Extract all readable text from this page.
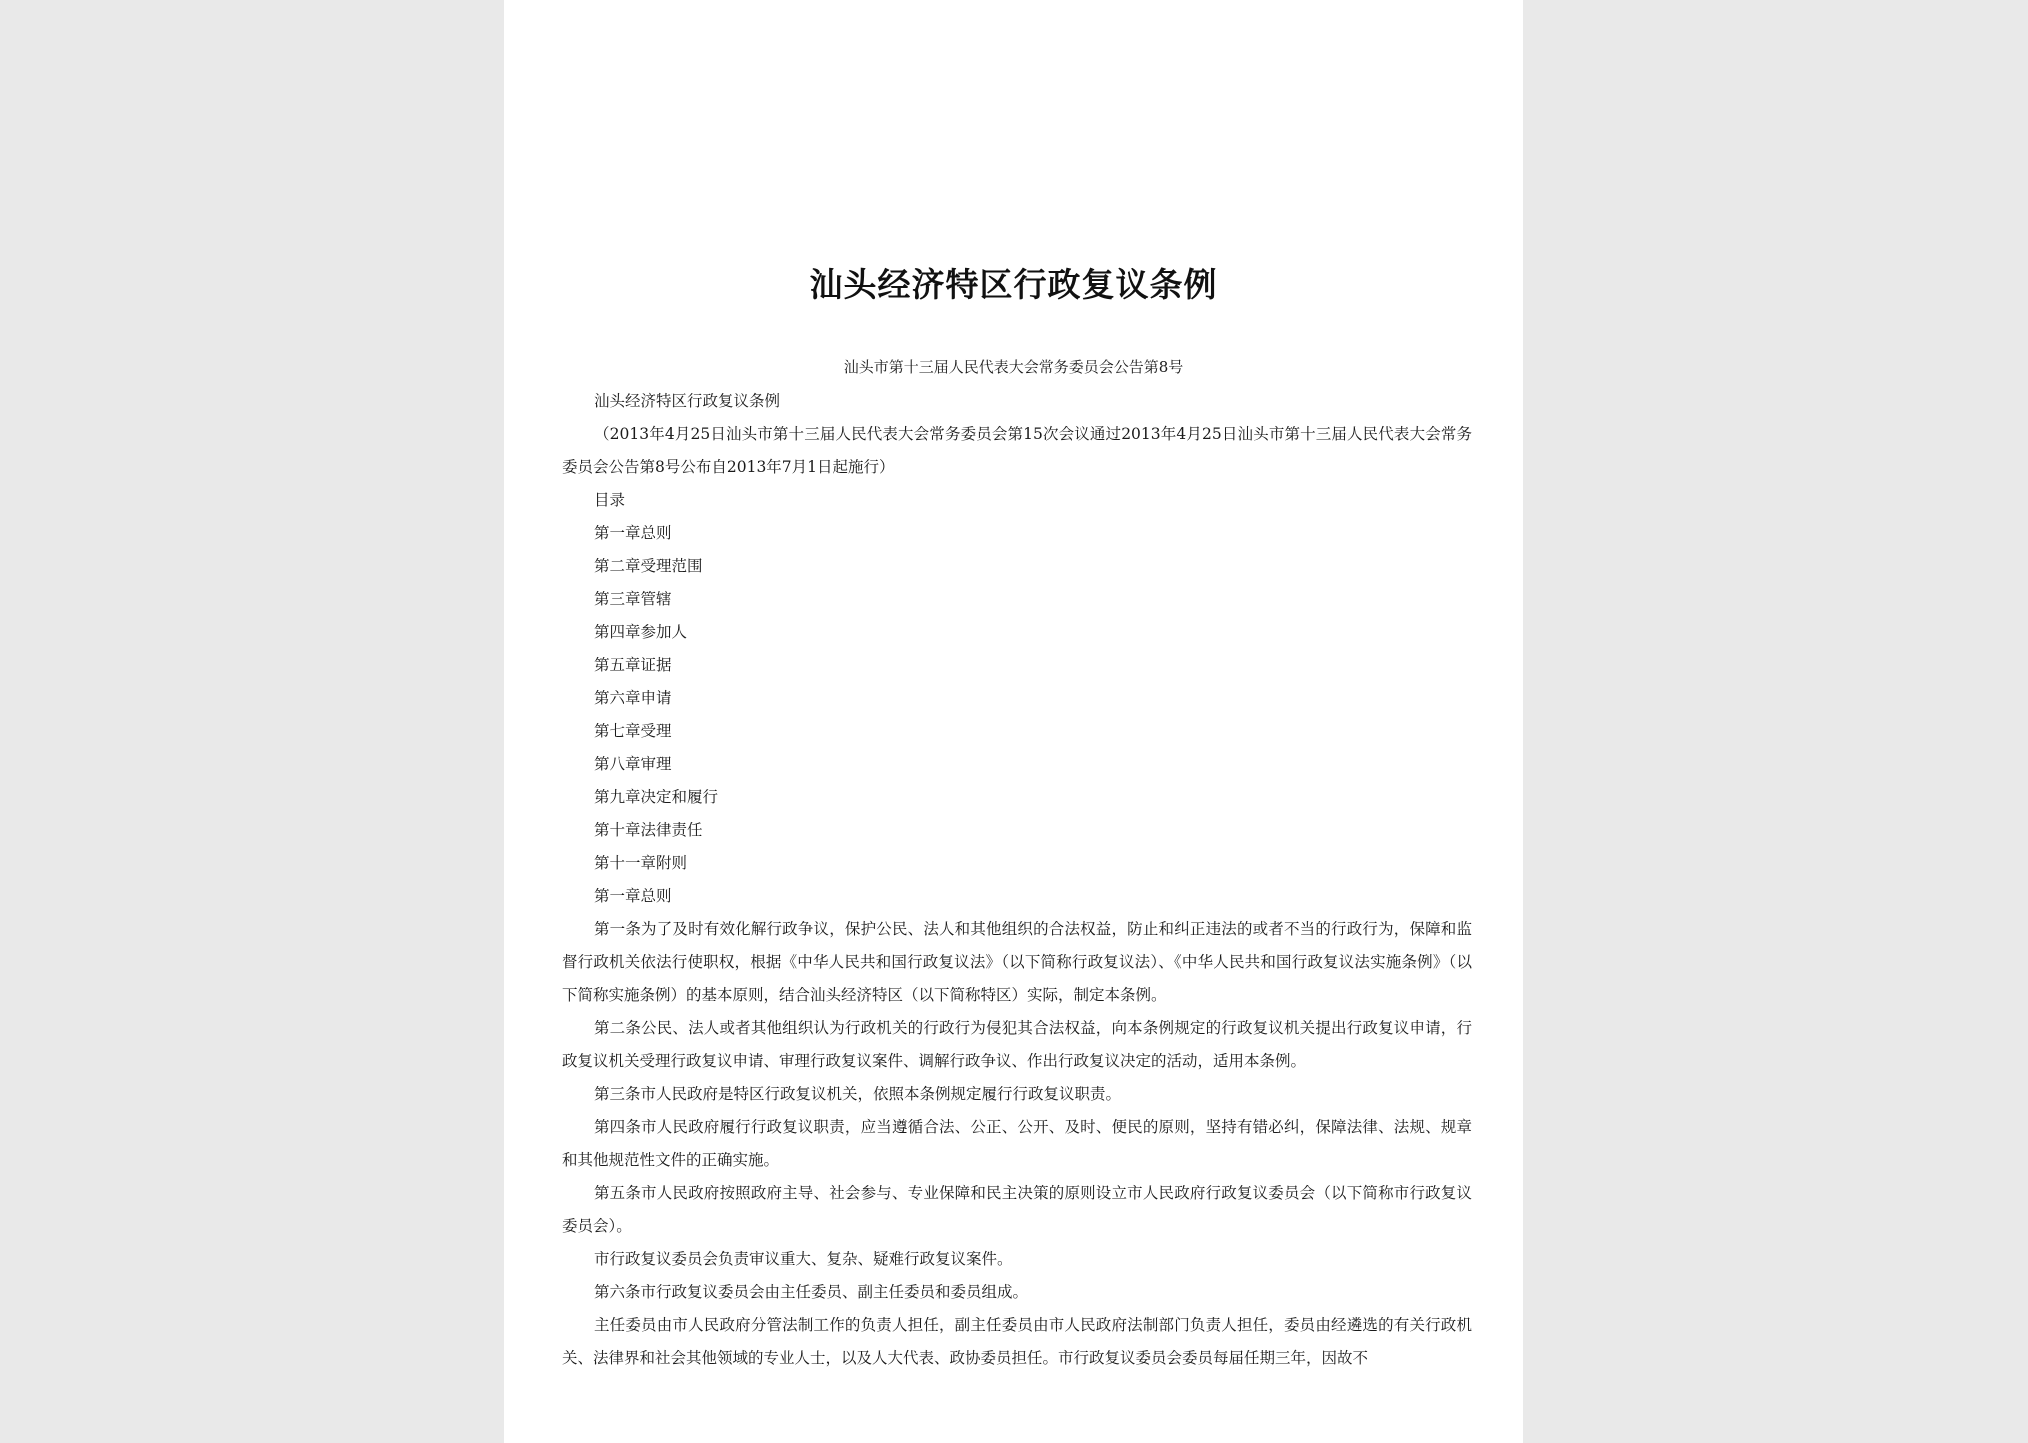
汕头经济特区行政复议条例
汕头市第十三届人民代表大会常务委员会公告第8号

汕头经济特区行政复议条例

（2013年4月25日汕头市第十三届人民代表大会常务委员会第15次会议通过2013年4月25日汕头市第十三届人民代表大会常务委员会公告第8号公布自2013年7月1日起施行）

目录

第一章总则

第二章受理范围

第三章管辖

第四章参加人

第五章证据

第六章申请

第七章受理

第八章审理

第九章决定和履行

第十章法律责任

第十一章附则

第一章总则

第一条为了及时有效化解行政争议，保护公民、法人和其他组织的合法权益，防止和纠正违法的或者不当的行政行为，保障和监督行政机关依法行使职权，根据《中华人民共和国行政复议法》（以下简称行政复议法）、《中华人民共和国行政复议法实施条例》（以下简称实施条例）的基本原则，结合汕头经济特区（以下简称特区）实际，制定本条例。

第二条公民、法人或者其他组织认为行政机关的行政行为侵犯其合法权益，向本条例规定的行政复议机关提出行政复议申请，行政复议机关受理行政复议申请、审理行政复议案件、调解行政争议、作出行政复议决定的活动，适用本条例。

第三条市人民政府是特区行政复议机关，依照本条例规定履行行政复议职责。

第四条市人民政府履行行政复议职责，应当遵循合法、公正、公开、及时、便民的原则，坚持有错必纠，保障法律、法规、规章和其他规范性文件的正确实施。

第五条市人民政府按照政府主导、社会参与、专业保障和民主决策的原则设立市人民政府行政复议委员会（以下简称市行政复议委员会）。

市行政复议委员会负责审议重大、复杂、疑难行政复议案件。

第六条市行政复议委员会由主任委员、副主任委员和委员组成。

主任委员由市人民政府分管法制工作的负责人担任，副主任委员由市人民政府法制部门负责人担任，委员由经遴选的有关行政机关、法律界和社会其他领域的专业人士，以及人大代表、政协委员担任。市行政复议委员会委员每届任期三年，因故不
